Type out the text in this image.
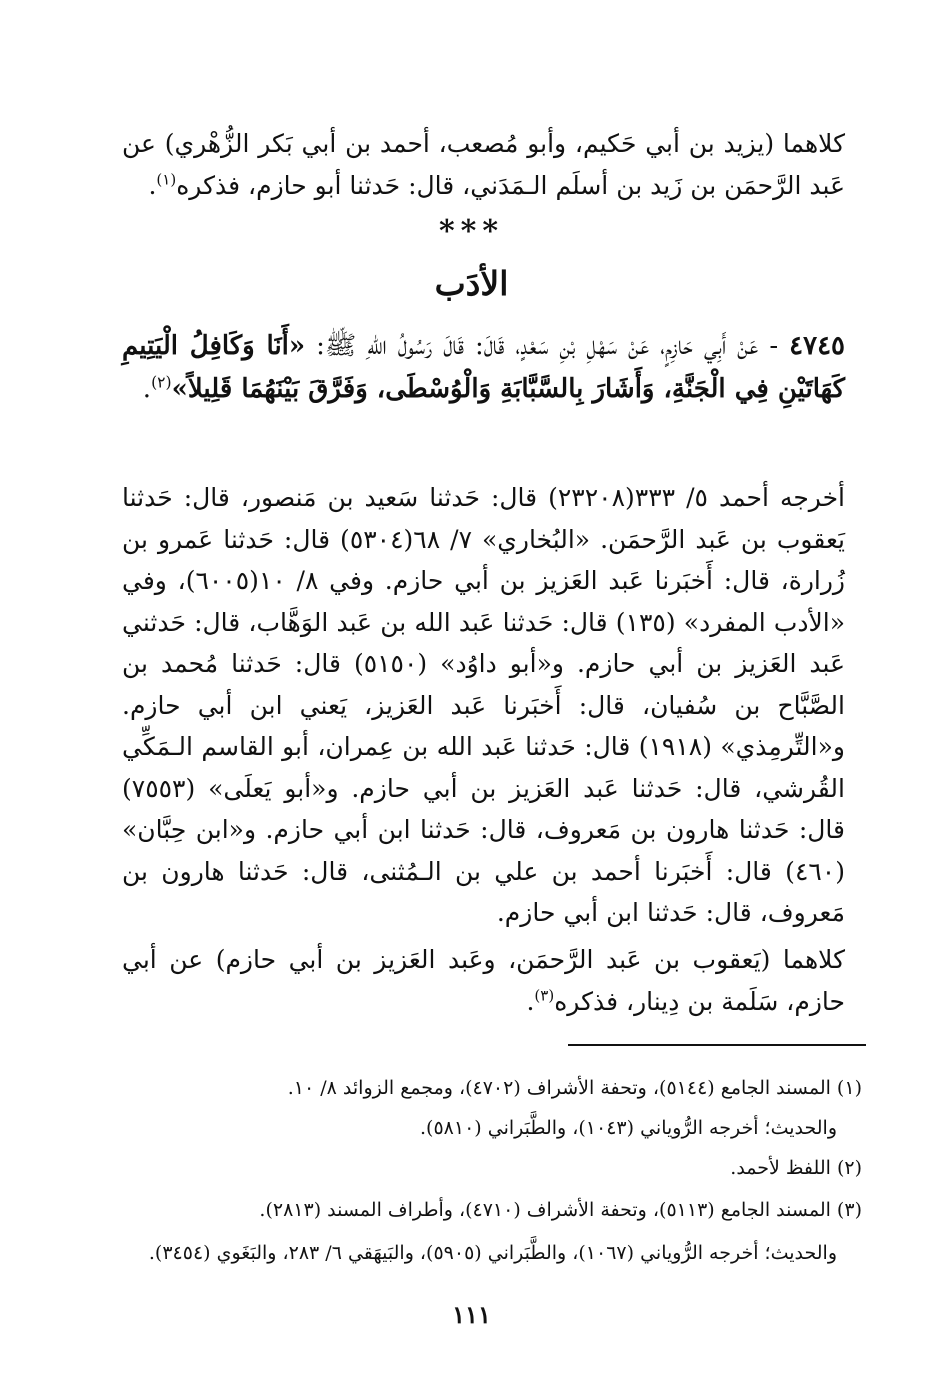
كلاهما (يزيد بن أبي حَكيم، وأبو مُصعب، أحمد بن أبي بَكر الزُّهْري) عن عَبد الرَّحمَن بن زَيد بن أسلَم الـمَدَني، قال: حَدثنا أبو حازم، فذكره$^{(١)}$.

***
الأدَب

٤٧٤٥ - عَنْ أَبِي حَازِمٍ، عَنْ سَهْلِ بْنِ سَعْدٍ، قَالَ: قَالَ رَسُولُ اللهِ ﷺ: «أَنَا وَكَافِلُ الْيَتِيمِ كَهَاتَيْنِ فِي الْجَنَّةِ، وَأَشَارَ بِالسَّبَّابَةِ وَالْوُسْطَى، وَفَرَّقَ بَيْنَهُمَا قَلِيلاً»$^{(٢)}$.

أخرجه أحمد ٥/ ٣٣٣(٢٣٢٠٨) قال: حَدثنا سَعيد بن مَنصور، قال: حَدثنا يَعقوب بن عَبد الرَّحمَن. «البُخاري» ٧/ ٦٨(٥٣٠٤) قال: حَدثنا عَمرو بن زُرارة، قال: أَخبَرنا عَبد العَزيز بن أبي حازم. وفي ٨/ ١٠(٦٠٠٥)، وفي «الأدب المفرد» (١٣٥) قال: حَدثنا عَبد الله بن عَبد الوَهَّاب، قال: حَدثني عَبد العَزيز بن أبي حازم. و«أبو داوُد» (٥١٥٠) قال: حَدثنا مُحمد بن الصَّبَّاح بن سُفيان، قال: أَخبَرنا عَبد العَزيز، يَعني ابن أبي حازم. و«التِّرمِذي» (١٩١٨) قال: حَدثنا عَبد الله بن عِمران، أبو القاسم الـمَكِّي القُرشي، قال: حَدثنا عَبد العَزيز بن أبي حازم. و«أبو يَعلَى» (٧٥٥٣) قال: حَدثنا هارون بن مَعروف، قال: حَدثنا ابن أبي حازم. و«ابن حِبَّان» (٤٦٠) قال: أَخبَرنا أحمد بن علي بن الـمُثنى، قال: حَدثنا هارون بن مَعروف، قال: حَدثنا ابن أبي حازم.

كلاهما (يَعقوب بن عَبد الرَّحمَن، وعَبد العَزيز بن أبي حازم) عن أبي حازم، سَلَمة بن دِينار، فذكره$^{(٣)}$.

(١) المسند الجامع (٥١٤٤)، وتحفة الأشراف (٤٧٠٢)، ومجمع الزوائد ٨/ ١٠.

والحديث؛ أخرجه الرُّوياني (١٠٤٣)، والطَّبَراني (٥٨١٠).

(٢) اللفظ لأحمد.

(٣) المسند الجامع (٥١١٣)، وتحفة الأشراف (٤٧١٠)، وأطراف المسند (٢٨١٣).

والحديث؛ أخرجه الرُّوياني (١٠٦٧)، والطَّبَراني (٥٩٠٥)، والبَيهَقي ٦/ ٢٨٣، والبَغَوي (٣٤٥٤).

١١١
